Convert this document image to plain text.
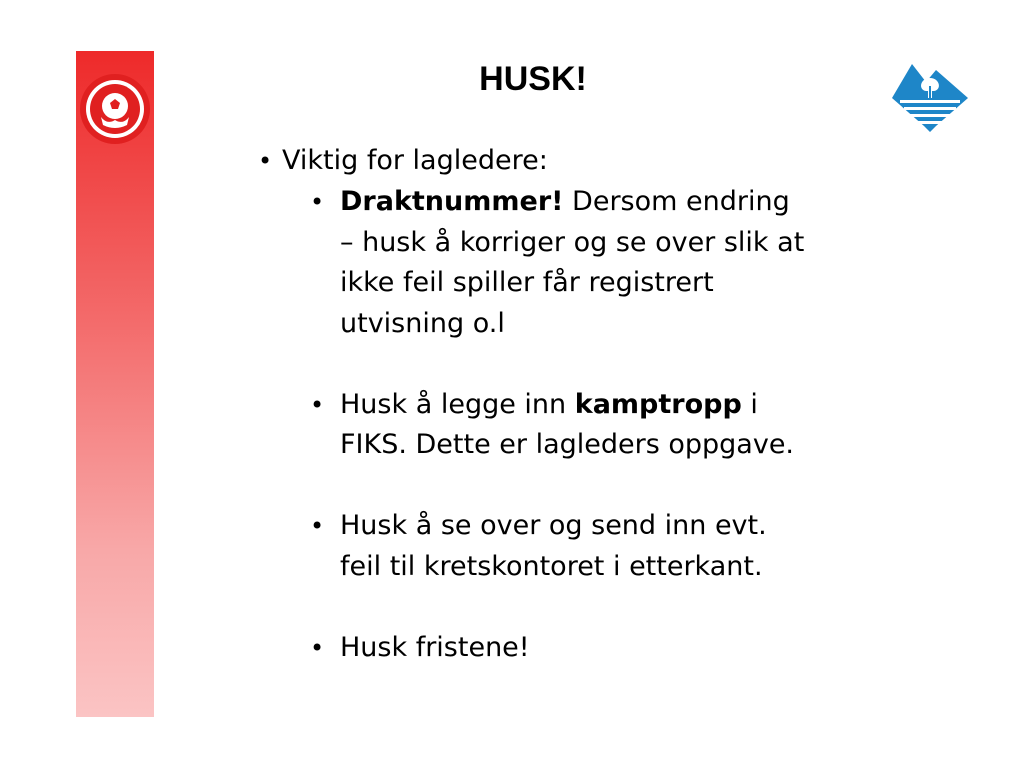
HUSK!
• Viktig for lagledere:
• Draktnummer! Dersom endring – husk å korriger og se over slik at ikke feil spiller får registrert utvisning o.l
• Husk å legge inn kamptropp i FIKS. Dette er lagleders oppgave.
• Husk å se over og send inn evt. feil til kretskontoret i etterkant.
• Husk fristene!
